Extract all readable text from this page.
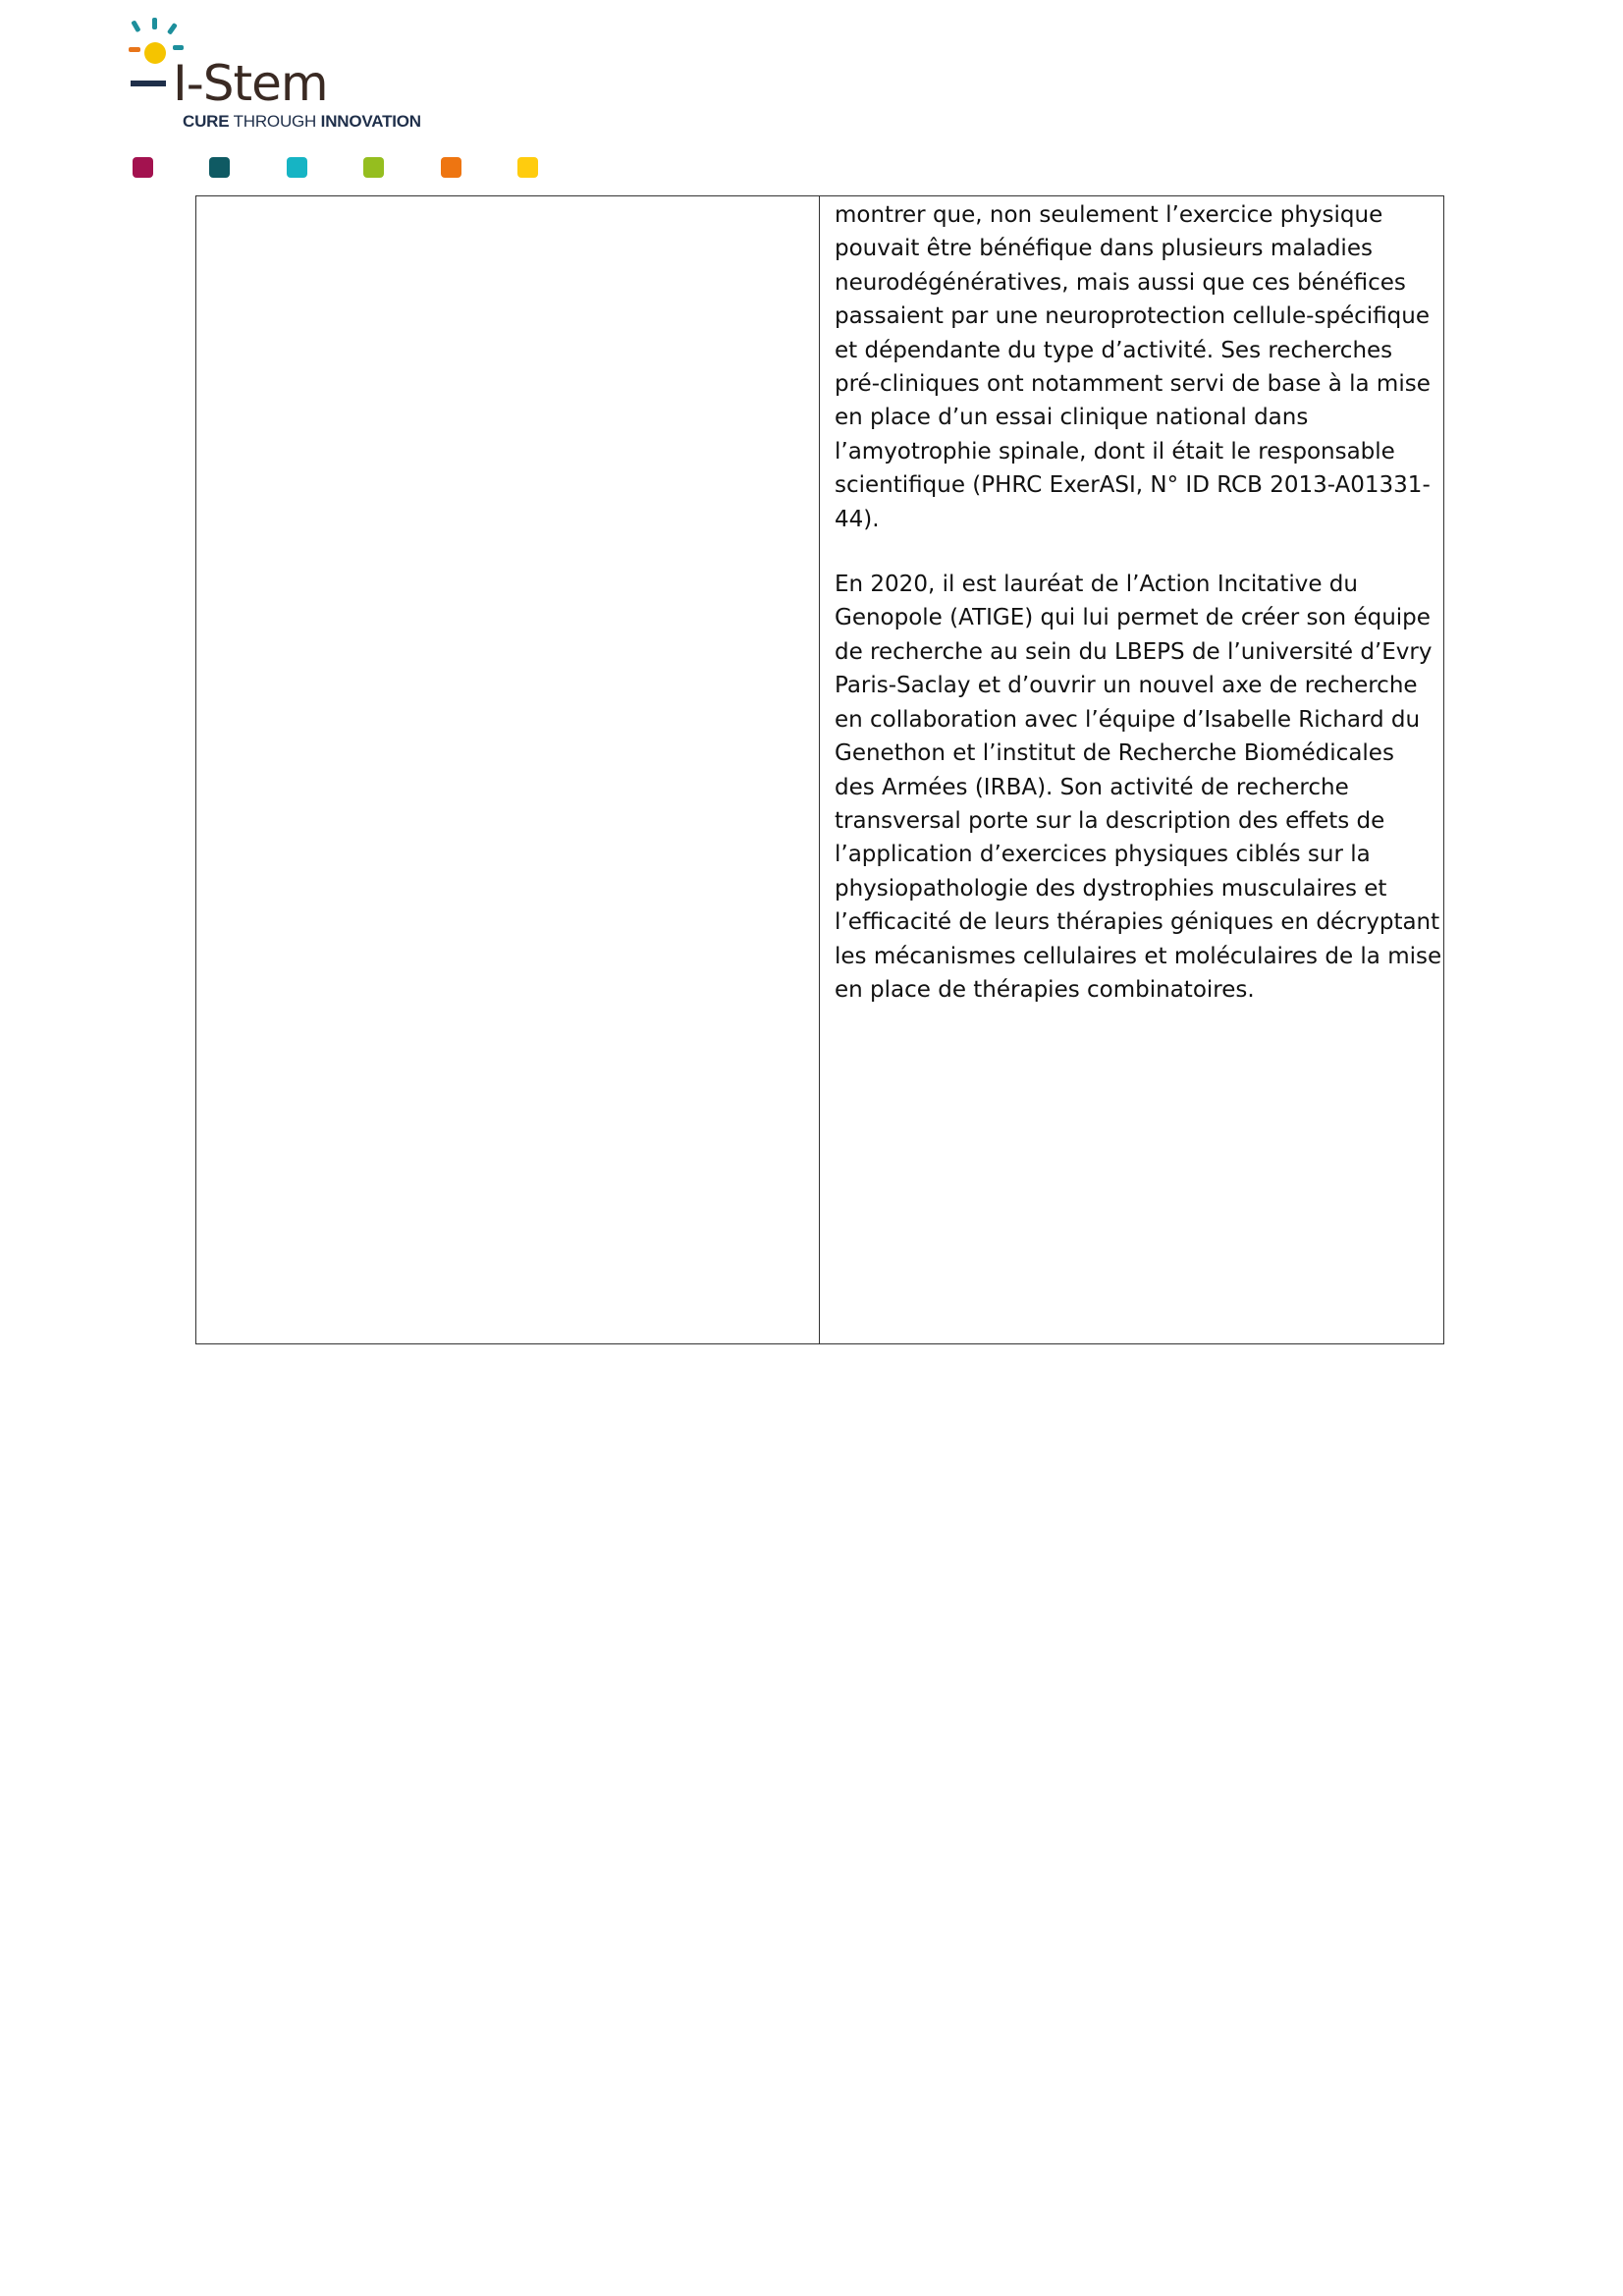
I-Stem
CURE THROUGH INNOVATION

montrer que, non seulement l’exercice physique
pouvait être bénéfique dans plusieurs maladies
neurodégénératives, mais aussi que ces bénéfices
passaient par une neuroprotection cellule-spécifique
et dépendante du type d’activité. Ses recherches
pré-cliniques ont notamment servi de base à la mise
en place d’un essai clinique national dans
l’amyotrophie spinale, dont il était le responsable
scientifique (PHRC ExerASI, N° ID RCB 2013-A01331-
44).

En 2020, il est lauréat de l’Action Incitative du
Genopole (ATIGE) qui lui permet de créer son équipe
de recherche au sein du LBEPS de l’université d’Evry
Paris-Saclay et d’ouvrir un nouvel axe de recherche
en collaboration avec l’équipe d’Isabelle Richard du
Genethon et l’institut de Recherche Biomédicales
des Armées (IRBA). Son activité de recherche
transversal porte sur la description des effets de
l’application d’exercices physiques ciblés sur la
physiopathologie des dystrophies musculaires et
l’efficacité de leurs thérapies géniques en décryptant
les mécanismes cellulaires et moléculaires de la mise
en place de thérapies combinatoires.
